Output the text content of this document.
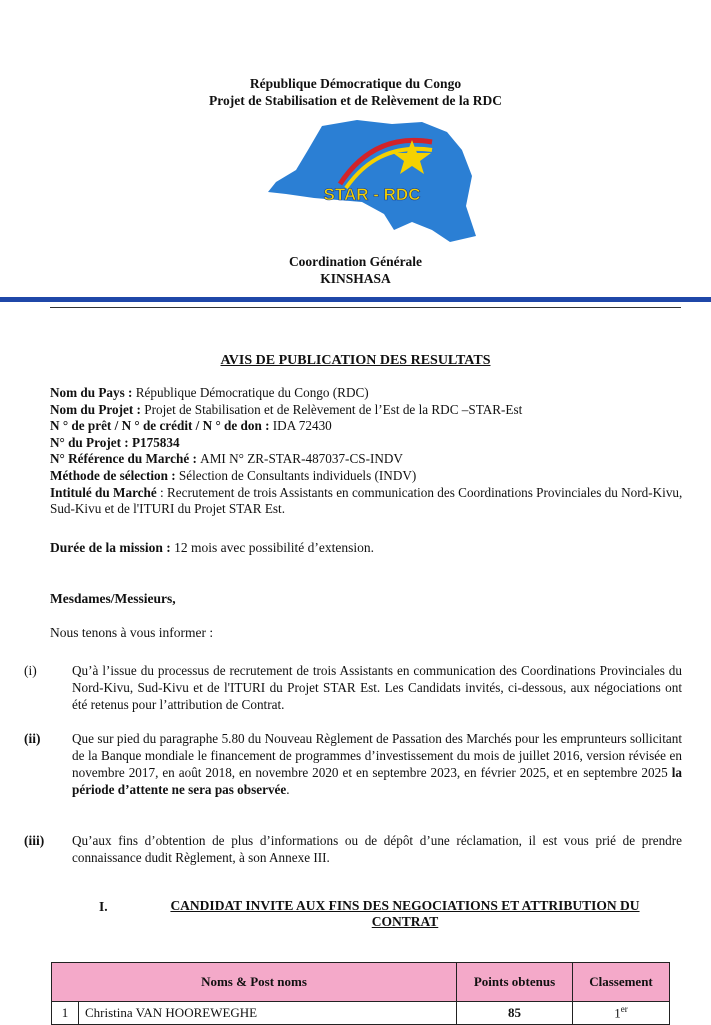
République Démocratique du Congo
Projet de Stabilisation et de Relèvement de la RDC
STAR - RDC
Coordination Générale
KINSHASA
AVIS DE PUBLICATION DES RESULTATS
Nom du Pays : République Démocratique du Congo (RDC)
Nom du Projet : Projet de Stabilisation et de Relèvement de l’Est de la RDC –STAR-Est
N ° de prêt / N ° de crédit / N ° de don : IDA 72430
N° du Projet : P175834
N° Référence du Marché : AMI N° ZR-STAR-487037-CS-INDV
Méthode de sélection : Sélection de Consultants individuels (INDV)
Intitulé du Marché : Recrutement de trois Assistants en communication des Coordinations Provinciales du Nord-Kivu, Sud-Kivu et de l'ITURI du Projet STAR Est.
Durée de la mission : 12 mois avec possibilité d’extension.
Mesdames/Messieurs,
Nous tenons à vous informer :
(i)	Qu’à l’issue du processus de recrutement de trois Assistants en communication des Coordinations Provinciales du Nord-Kivu, Sud-Kivu et de l'ITURI du Projet STAR Est. Les Candidats invités, ci-dessous, aux négociations ont été retenus pour l’attribution de Contrat.
(ii) Que sur pied du paragraphe 5.80 du Nouveau Règlement de Passation des Marchés pour les emprunteurs sollicitant de la Banque mondiale le financement de programmes d’investissement du mois de juillet 2016, version révisée en novembre 2017, en août 2018, en novembre 2020 et en septembre 2023, en février 2025, et en septembre 2025 la période d’attente ne sera pas observée.
(iii) Qu’aux fins d’obtention de plus d’informations ou de dépôt d’une réclamation, il est vous prié de prendre connaissance dudit Règlement, à son Annexe III.
I.	CANDIDAT INVITE AUX FINS DES NEGOCIATIONS ET ATTRIBUTION DU CONTRAT
Noms & Post noms		Points obtenus	Classement
1	Christina VAN HOOREWEGHE	85	1er
